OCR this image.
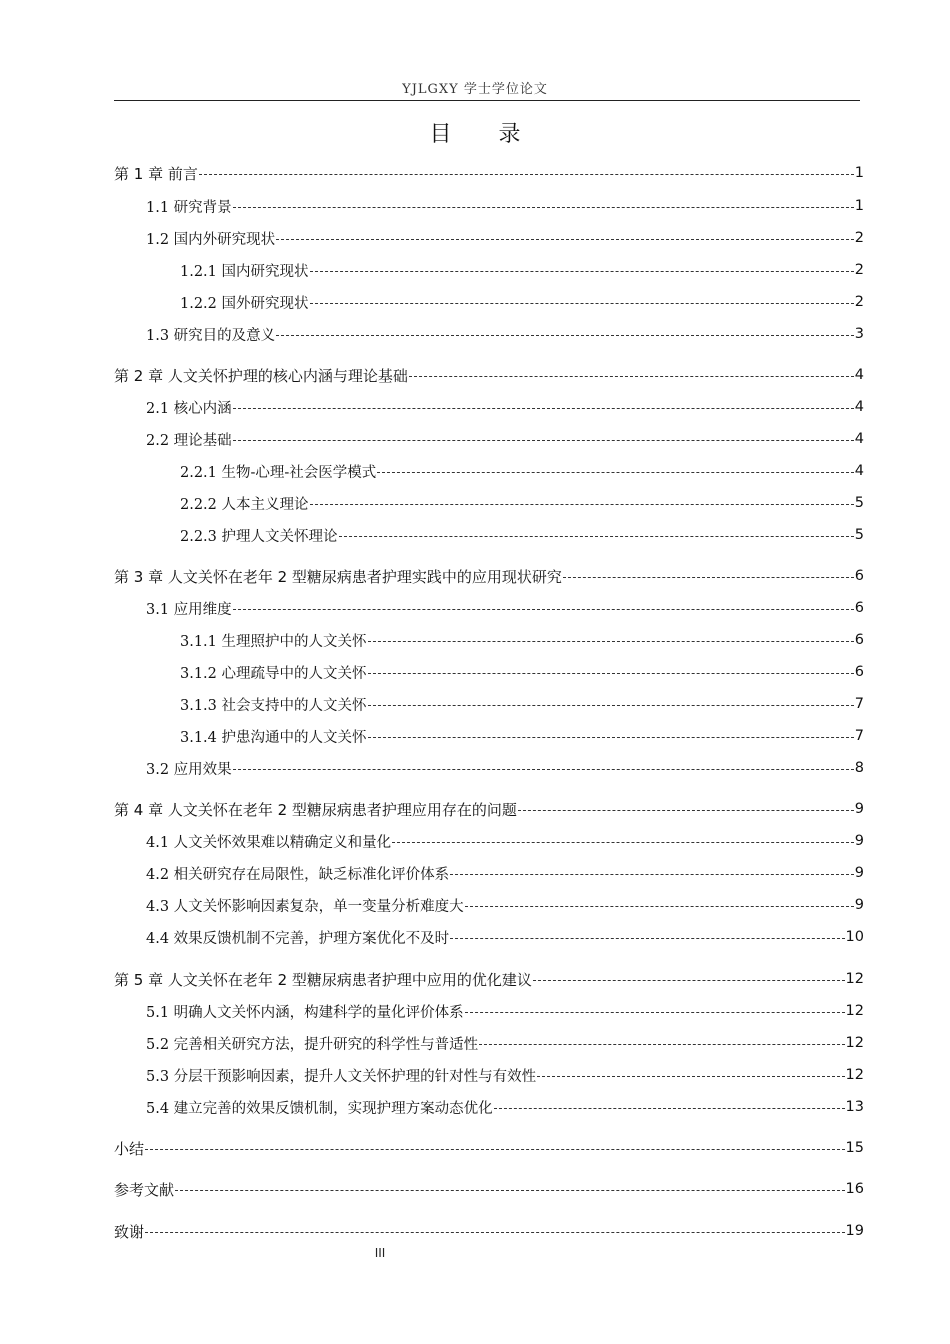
YJLGXY 学士学位论文
目 录
第 1 章 前言	1
1.1 研究背景	1
1.2 国内外研究现状	2
1.2.1 国内研究现状	2
1.2.2 国外研究现状	2
1.3 研究目的及意义	3
第 2 章 人文关怀护理的核心内涵与理论基础	4
2.1 核心内涵	4
2.2 理论基础	4
2.2.1 生物-心理-社会医学模式	4
2.2.2 人本主义理论	5
2.2.3 护理人文关怀理论	5
第 3 章 人文关怀在老年 2 型糖尿病患者护理实践中的应用现状研究	6
3.1 应用维度	6
3.1.1 生理照护中的人文关怀	6
3.1.2 心理疏导中的人文关怀	6
3.1.3 社会支持中的人文关怀	7
3.1.4 护患沟通中的人文关怀	7
3.2 应用效果	8
第 4 章 人文关怀在老年 2 型糖尿病患者护理应用存在的问题	9
4.1 人文关怀效果难以精确定义和量化	9
4.2 相关研究存在局限性，缺乏标准化评价体系	9
4.3 人文关怀影响因素复杂，单一变量分析难度大	9
4.4 效果反馈机制不完善，护理方案优化不及时	10
第 5 章 人文关怀在老年 2 型糖尿病患者护理中应用的优化建议	12
5.1 明确人文关怀内涵，构建科学的量化评价体系	12
5.2 完善相关研究方法，提升研究的科学性与普适性	12
5.3 分层干预影响因素，提升人文关怀护理的针对性与有效性	12
5.4 建立完善的效果反馈机制，实现护理方案动态优化	13
小结	15
参考文献	16
致谢	19
III
